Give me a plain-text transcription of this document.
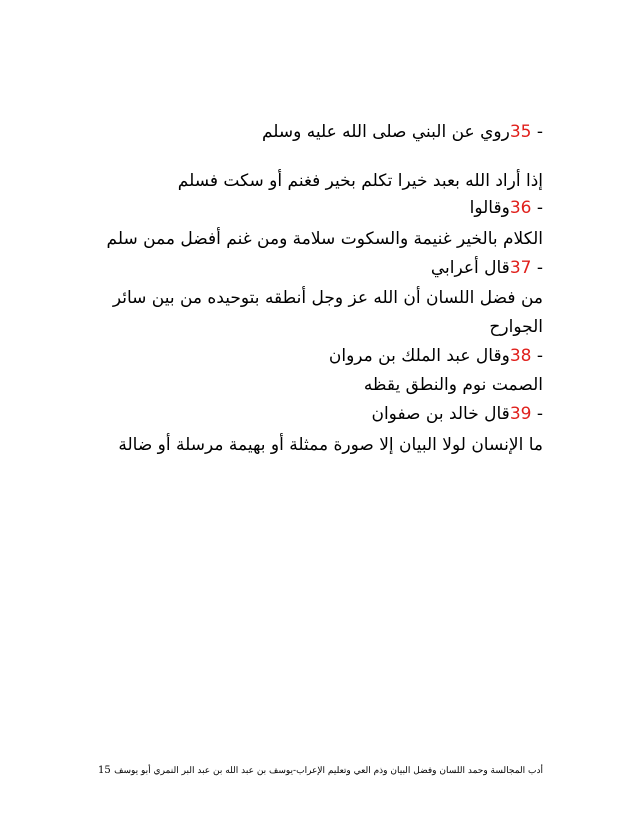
- 35روي عن البني صلى الله عليه وسلم
إذا أراد الله بعبد خيرا تكلم بخير فغنم أو سكت فسلم
- 36وقالوا
الكلام بالخير غنيمة والسكوت سلامة ومن غنم أفضل ممن سلم
- 37قال أعرابي
من فضل اللسان أن الله عز وجل أنطقه بتوحيده من بين سائر
الجوارح
- 38وقال عبد الملك بن مروان
الصمت نوم والنطق يقظه
- 39قال خالد بن صفوان
ما الإنسان لولا البيان إلا صورة ممثلة أو بهيمة مرسلة أو ضالة
أدب المجالسة وحمد اللسان وفضل البيان وذم العي وتعليم الإعراب-يوسف بن عبد الله بن عبد البر النمري أبو يوسف
15
